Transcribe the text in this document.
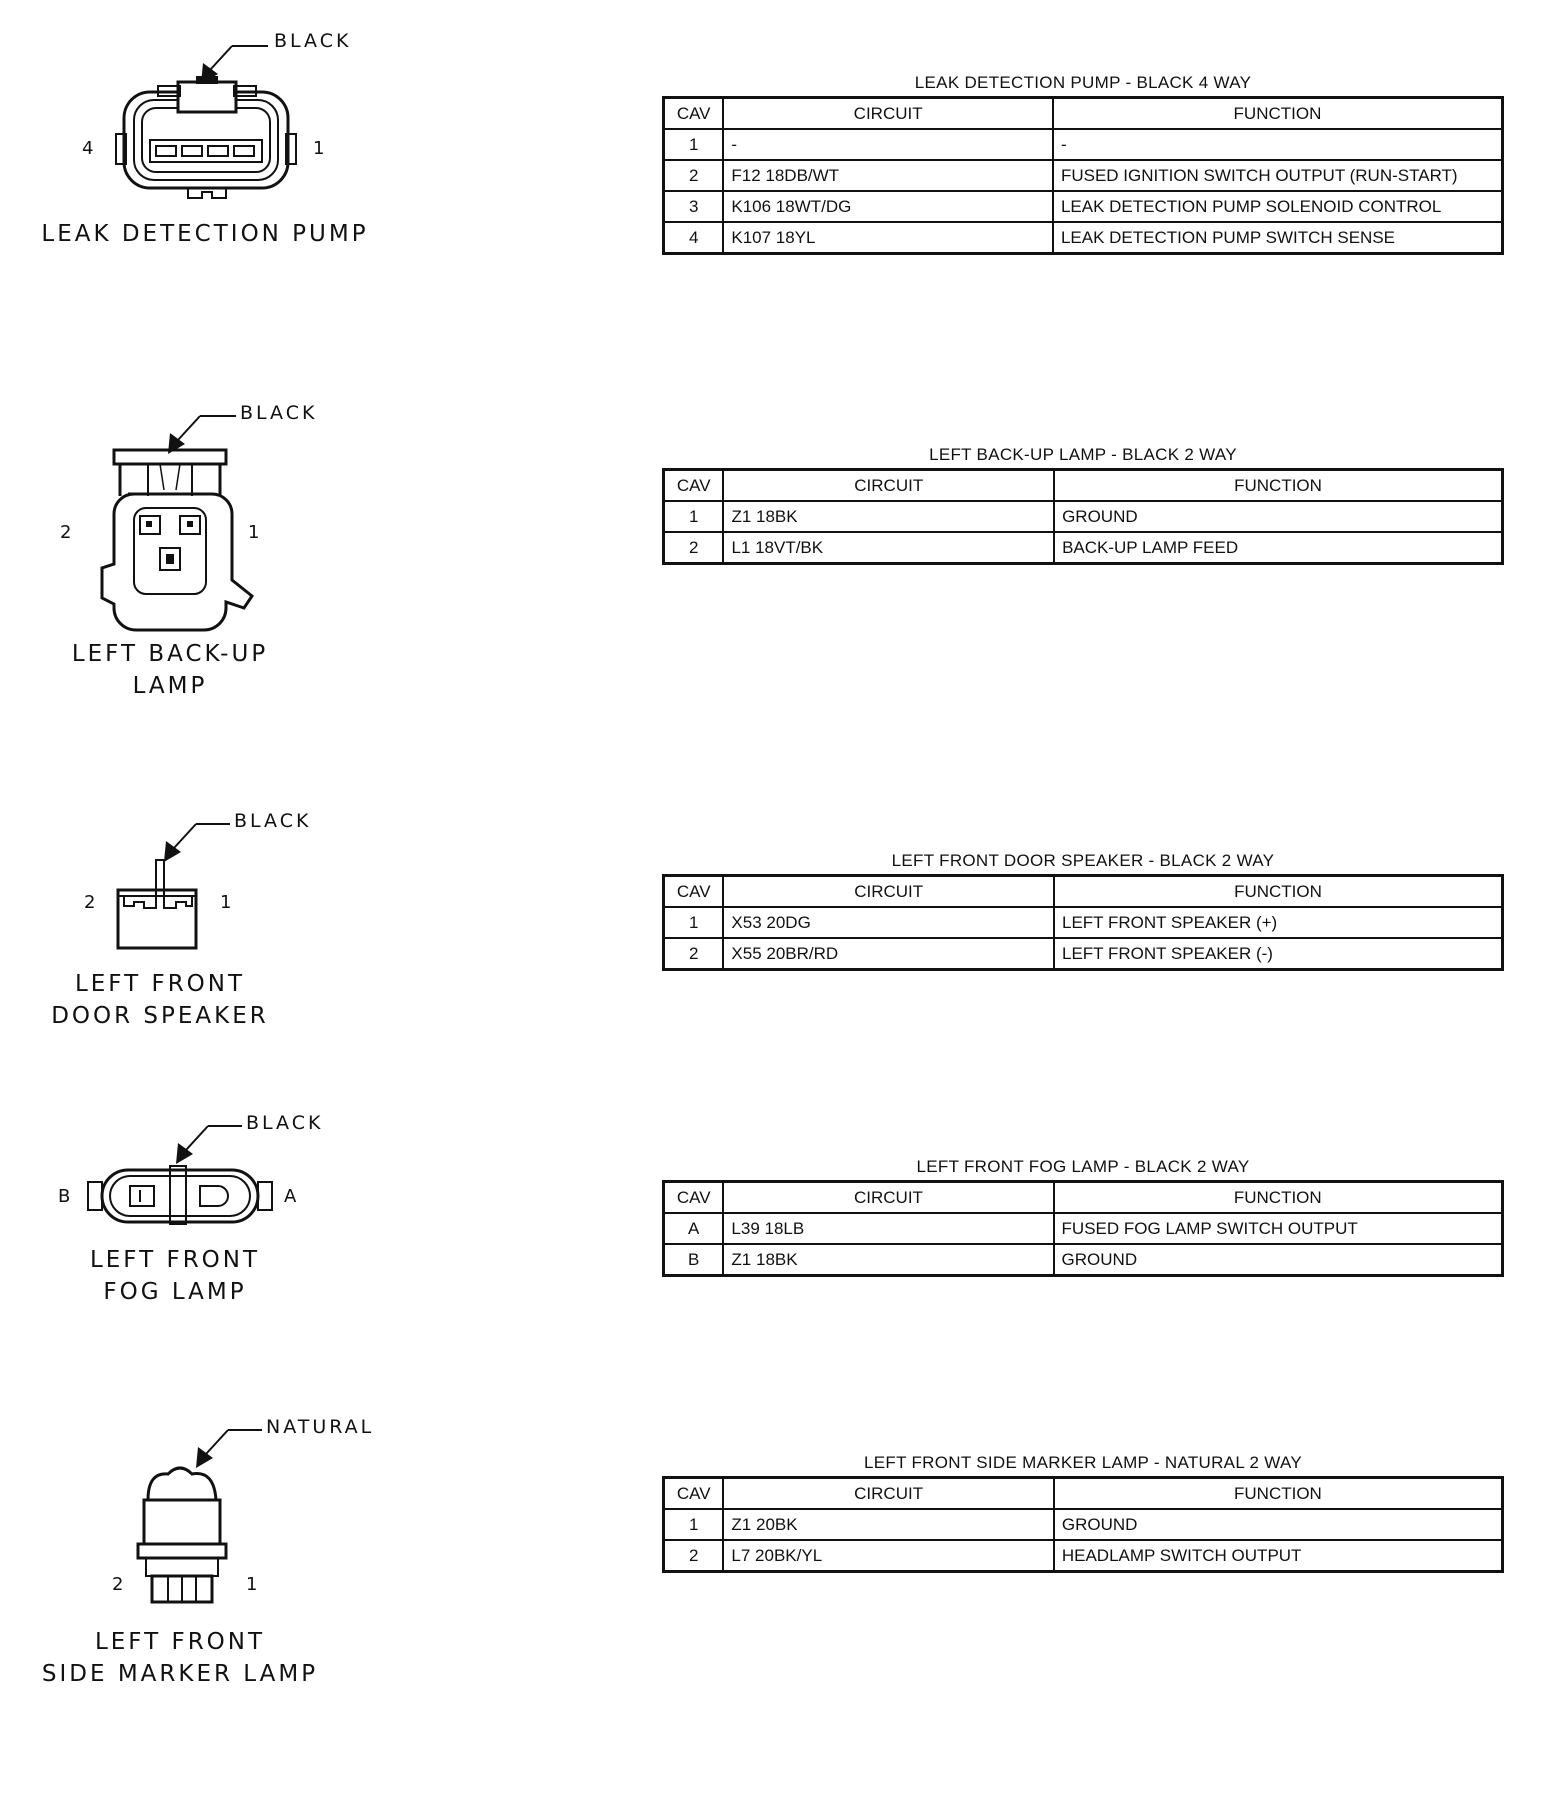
BLACK
4	1
LEAK DETECTION PUMP
LEAK DETECTION PUMP - BLACK 4 WAY
CAV	CIRCUIT	FUNCTION
1	-	-
2	F12 18DB/WT	FUSED IGNITION SWITCH OUTPUT (RUN-START)
3	K106 18WT/DG	LEAK DETECTION PUMP SOLENOID CONTROL
4	K107 18YL	LEAK DETECTION PUMP SWITCH SENSE
BLACK
2	1
LEFT BACK-UP
LAMP
LEFT BACK-UP LAMP - BLACK 2 WAY
CAV	CIRCUIT	FUNCTION
1	Z1 18BK	GROUND
2	L1 18VT/BK	BACK-UP LAMP FEED
BLACK
2	1
LEFT FRONT
DOOR SPEAKER
LEFT FRONT DOOR SPEAKER - BLACK 2 WAY
CAV	CIRCUIT	FUNCTION
1	X53 20DG	LEFT FRONT SPEAKER (+)
2	X55 20BR/RD	LEFT FRONT SPEAKER (-)
BLACK
B	A
LEFT FRONT
FOG LAMP
LEFT FRONT FOG LAMP - BLACK 2 WAY
CAV	CIRCUIT	FUNCTION
A	L39 18LB	FUSED FOG LAMP SWITCH OUTPUT
B	Z1 18BK	GROUND
NATURAL
2	1
LEFT FRONT
SIDE MARKER LAMP
LEFT FRONT SIDE MARKER LAMP - NATURAL 2 WAY
CAV	CIRCUIT	FUNCTION
1	Z1 20BK	GROUND
2	L7 20BK/YL	HEADLAMP SWITCH OUTPUT
